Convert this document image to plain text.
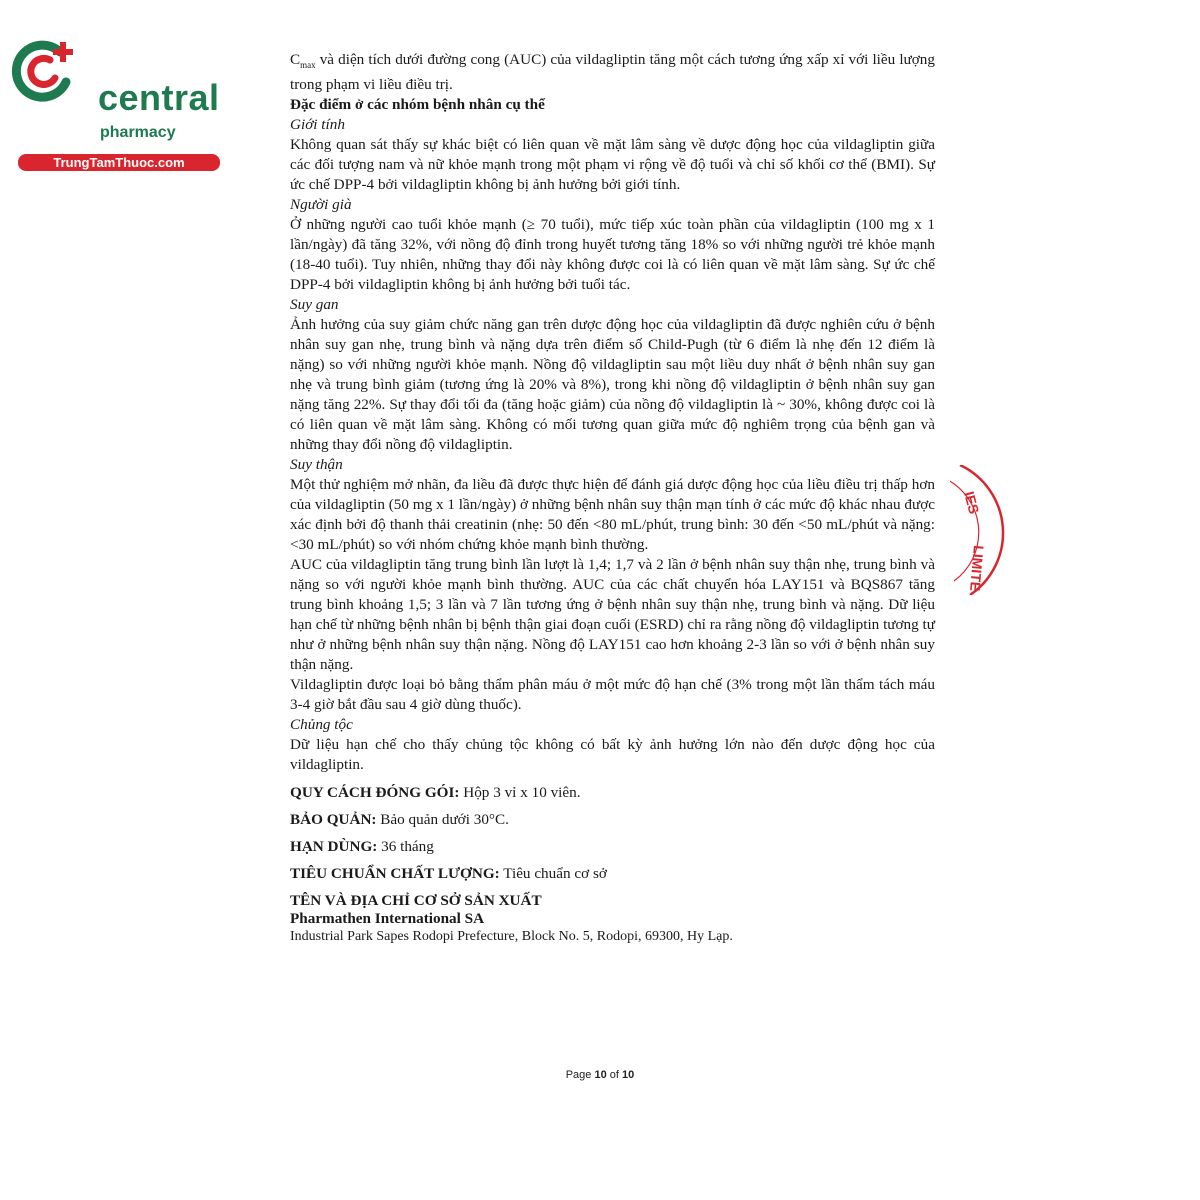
central

pharmacy

TrungTamThuoc.com

$C_{max}$ và diện tích dưới đường cong (AUC) của vildagliptin tăng một cách tương ứng xấp xỉ với liều lượng trong phạm vi liều điều trị.

Đặc điểm ở các nhóm bệnh nhân cụ thể

Giới tính

Không quan sát thấy sự khác biệt có liên quan về mặt lâm sàng về dược động học của vildagliptin giữa các đối tượng nam và nữ khỏe mạnh trong một phạm vi rộng về độ tuổi và chỉ số khối cơ thể (BMI). Sự ức chế DPP-4 bởi vildagliptin không bị ảnh hưởng bởi giới tính.

Người già

Ở những người cao tuổi khỏe mạnh (≥ 70 tuổi), mức tiếp xúc toàn phần của vildagliptin (100 mg x 1 lần/ngày) đã tăng 32%, với nồng độ đỉnh trong huyết tương tăng 18% so với những người trẻ khỏe mạnh (18-40 tuổi). Tuy nhiên, những thay đổi này không được coi là có liên quan về mặt lâm sàng. Sự ức chế DPP-4 bởi vildagliptin không bị ảnh hưởng bởi tuổi tác.

Suy gan

Ảnh hưởng của suy giảm chức năng gan trên dược động học của vildagliptin đã được nghiên cứu ở bệnh nhân suy gan nhẹ, trung bình và nặng dựa trên điểm số Child-Pugh (từ 6 điểm là nhẹ đến 12 điểm là nặng) so với những người khỏe mạnh. Nồng độ vildagliptin sau một liều duy nhất ở bệnh nhân suy gan nhẹ và trung bình giảm (tương ứng là 20% và 8%), trong khi nồng độ vildagliptin ở bệnh nhân suy gan nặng tăng 22%. Sự thay đổi tối đa (tăng hoặc giảm) của nồng độ vildagliptin là ~ 30%, không được coi là có liên quan về mặt lâm sàng. Không có mối tương quan giữa mức độ nghiêm trọng của bệnh gan và những thay đổi nồng độ vildagliptin.

Suy thận

Một thử nghiệm mở nhãn, đa liều đã được thực hiện để đánh giá dược động học của liều điều trị thấp hơn của vildagliptin (50 mg x 1 lần/ngày) ở những bệnh nhân suy thận mạn tính ở các mức độ khác nhau được xác định bởi độ thanh thải creatinin (nhẹ: 50 đến <80 mL/phút, trung bình: 30 đến <50 mL/phút và nặng: <30 mL/phút) so với nhóm chứng khỏe mạnh bình thường.

AUC của vildagliptin tăng trung bình lần lượt là 1,4; 1,7 và 2 lần ở bệnh nhân suy thận nhẹ, trung bình và nặng so với người khỏe mạnh bình thường. AUC của các chất chuyển hóa LAY151 và BQS867 tăng trung bình khoảng 1,5; 3 lần và 7 lần tương ứng ở bệnh nhân suy thận nhẹ, trung bình và nặng. Dữ liệu hạn chế từ những bệnh nhân bị bệnh thận giai đoạn cuối (ESRD) chỉ ra rằng nồng độ vildagliptin tương tự như ở những bệnh nhân suy thận nặng. Nồng độ LAY151 cao hơn khoảng 2-3 lần so với ở bệnh nhân suy thận nặng.

Vildagliptin được loại bỏ bằng thẩm phân máu ở một mức độ hạn chế (3% trong một lần thẩm tách máu 3-4 giờ bắt đầu sau 4 giờ dùng thuốc).

Chủng tộc

Dữ liệu hạn chế cho thấy chủng tộc không có bất kỳ ảnh hưởng lớn nào đến dược động học của vildagliptin.

QUY CÁCH ĐÓNG GÓI: Hộp 3 vỉ x 10 viên.

BẢO QUẢN: Bảo quản dưới 30°C.

HẠN DÙNG: 36 tháng

TIÊU CHUẨN CHẤT LƯỢNG: Tiêu chuẩn cơ sở

TÊN VÀ ĐỊA CHỈ CƠ SỞ SẢN XUẤT

Pharmathen International SA

Industrial Park Sapes Rodopi Prefecture, Block No. 5, Rodopi, 69300, Hy Lạp.

IES
LIMITE
Page 10 of 10
